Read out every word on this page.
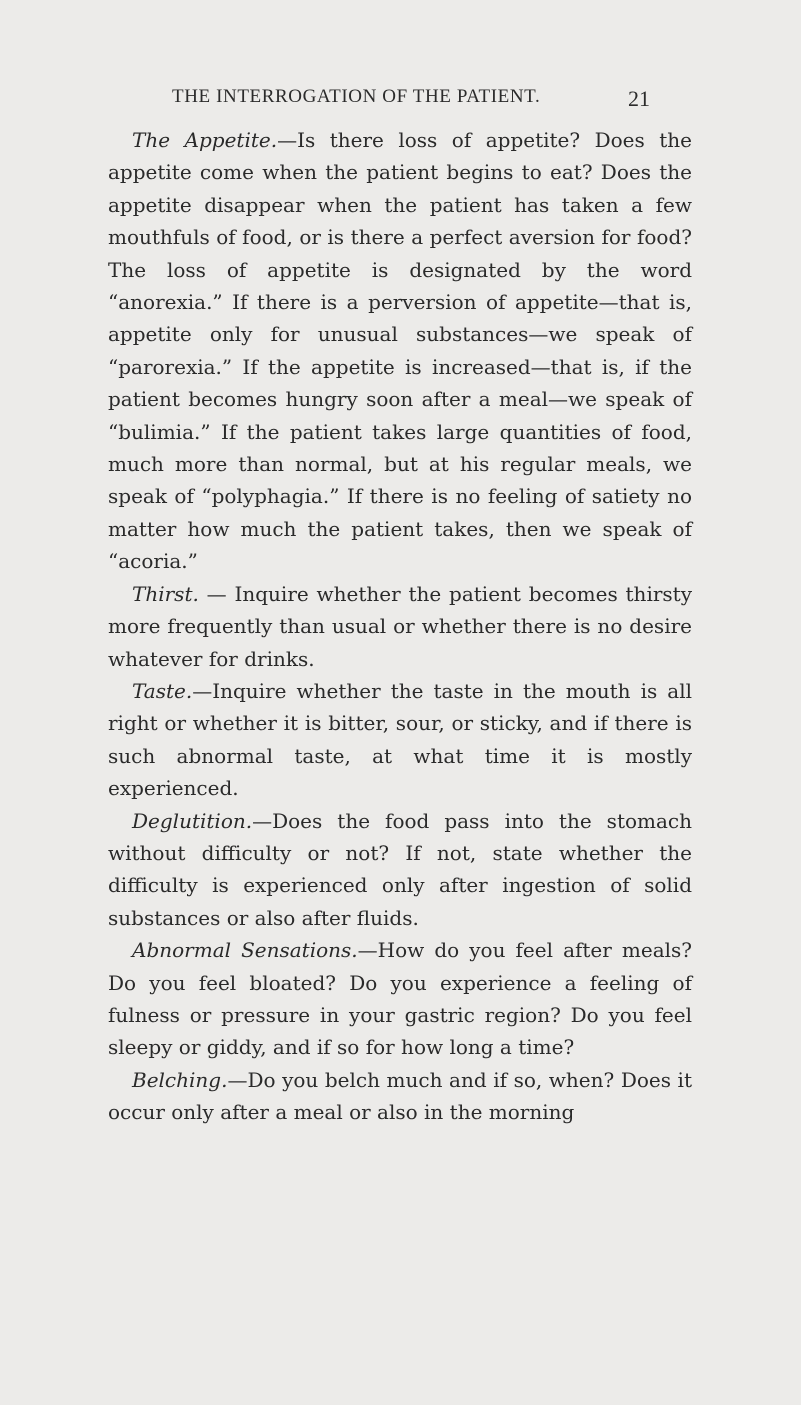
THE INTERROGATION OF THE PATIENT.	21

The Appetite.—Is there loss of appetite? Does the appetite come when the patient begins to eat? Does the appetite disappear when the patient has taken a few mouthfuls of food, or is there a perfect aversion for food? The loss of appetite is designated by the word “anorexia.” If there is a perversion of appetite—that is, appetite only for unusual substances—we speak of “parorexia.” If the appetite is increased—that is, if the patient becomes hungry soon after a meal—we speak of “bulimia.” If the patient takes large quantities of food, much more than normal, but at his regular meals, we speak of “polyphagia.” If there is no feeling of satiety no matter how much the patient takes, then we speak of “acoria.”

Thirst. — Inquire whether the patient becomes thirsty more frequently than usual or whether there is no desire whatever for drinks.

Taste.—Inquire whether the taste in the mouth is all right or whether it is bitter, sour, or sticky, and if there is such abnormal taste, at what time it is mostly experienced.

Deglutition.—Does the food pass into the stomach without difficulty or not? If not, state whether the difficulty is experienced only after ingestion of solid substances or also after fluids.

Abnormal Sensations.—How do you feel after meals? Do you feel bloated? Do you experience a feeling of fulness or pressure in your gastric region? Do you feel sleepy or giddy, and if so for how long a time?

Belching.—Do you belch much and if so, when? Does it occur only after a meal or also in the morning
